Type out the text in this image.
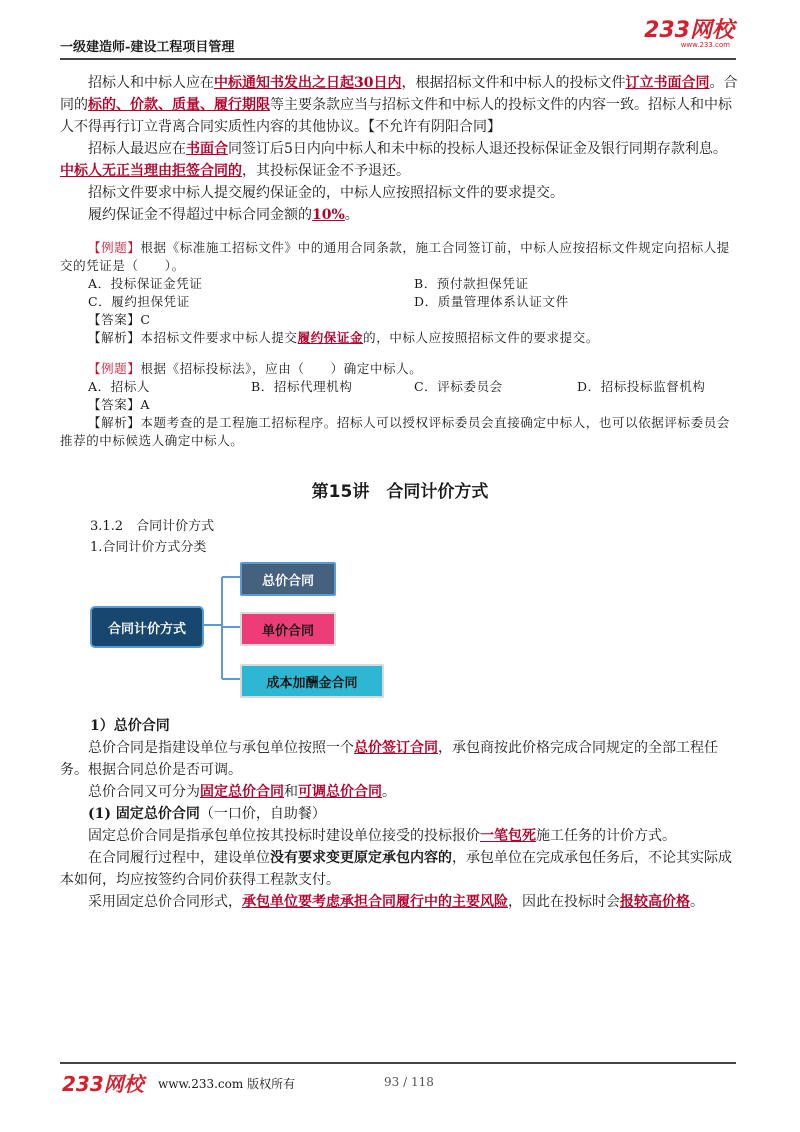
一级建造师-建设工程项目管理
233网校
www.233.com

招标人和中标人应在中标通知书发出之日起30日内，根据招标文件和中标人的投标文件订立书面合同。合同的标的、价款、质量、履行期限等主要条款应当与招标文件和中标人的投标文件的内容一致。招标人和中标人不得再行订立背离合同实质性内容的其他协议。【不允许有阴阳合同】

招标人最迟应在书面合同签订后5日内向中标人和未中标的投标人退还投标保证金及银行同期存款利息。中标人无正当理由拒签合同的，其投标保证金不予退还。

招标文件要求中标人提交履约保证金的，中标人应按照招标文件的要求提交。

履约保证金不得超过中标合同金额的10%。

【例题】根据《标准施工招标文件》中的通用合同条款，施工合同签订前，中标人应按招标文件规定向招标人提交的凭证是（　　）。

A．投标保证金凭证	B．预付款担保凭证
C．履约担保凭证	D．质量管理体系认证文件

【答案】C

【解析】本招标文件要求中标人提交履约保证金的，中标人应按照招标文件的要求提交。

【例题】根据《招标投标法》，应由（　　）确定中标人。

A．招标人	B．招标代理机构	C．评标委员会	D．招标投标监督机构

【答案】A

【解析】本题考查的是工程施工招标程序。招标人可以授权评标委员会直接确定中标人，也可以依据评标委员会推荐的中标候选人确定中标人。

第15讲　合同计价方式

3.1.2　合同计价方式

1.合同计价方式分类

合同计价方式
总价合同
单价合同
成本加酬金合同

1）总价合同

总价合同是指建设单位与承包单位按照一个总价签订合同，承包商按此价格完成合同规定的全部工程任务。根据合同总价是否可调。

总价合同又可分为固定总价合同和可调总价合同。

(1) 固定总价合同（一口价，自助餐）

固定总价合同是指承包单位按其投标时建设单位接受的投标报价一笔包死施工任务的计价方式。

在合同履行过程中，建设单位没有要求变更原定承包内容的，承包单位在完成承包任务后，不论其实际成本如何，均应按签约合同价获得工程款支付。

采用固定总价合同形式，承包单位要考虑承担合同履行中的主要风险，因此在投标时会报较高价格。

233网校 www.233.com 版权所有	93 / 118
